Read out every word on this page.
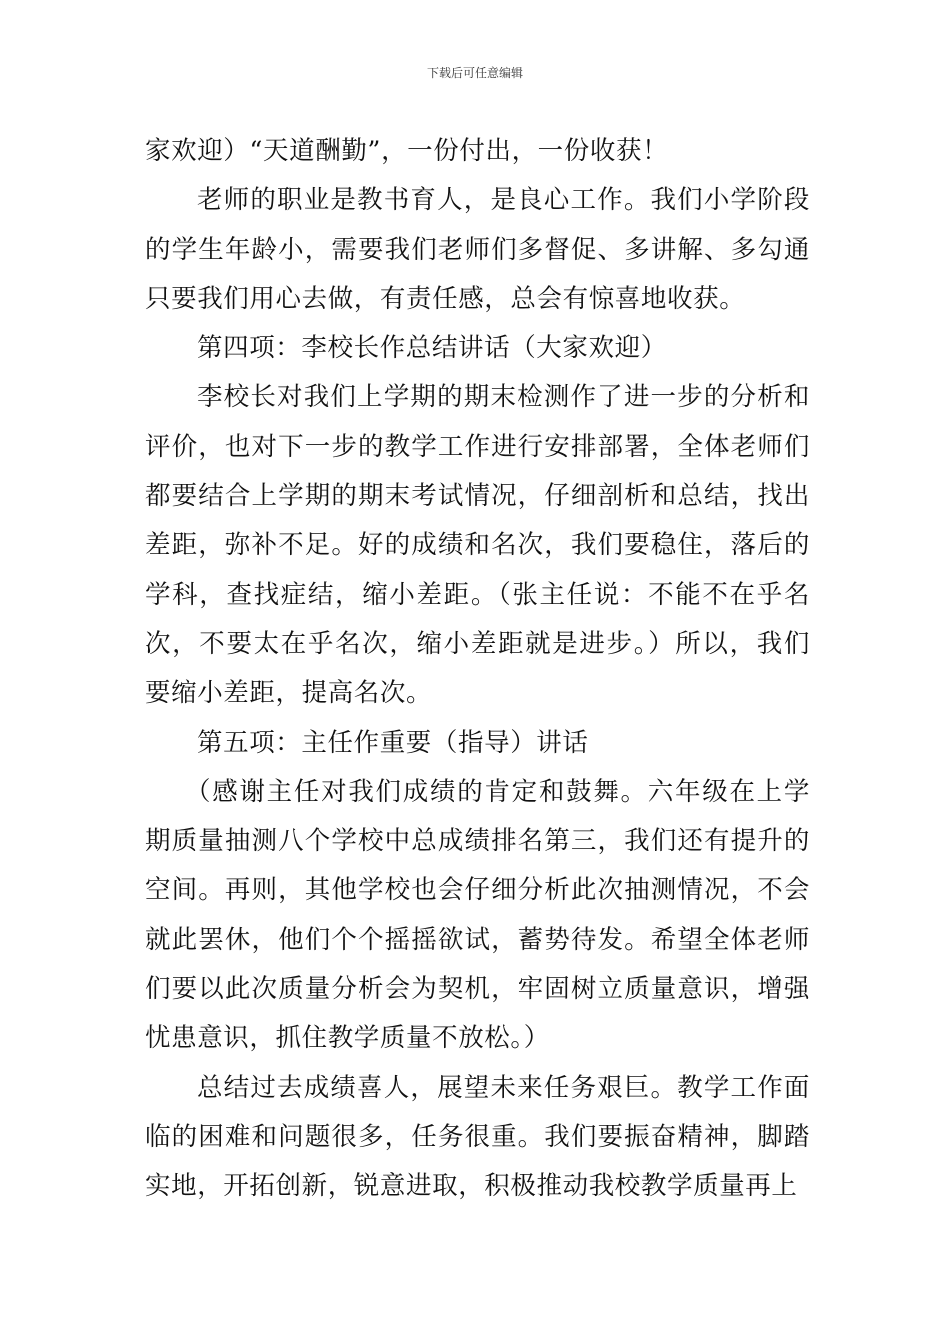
下载后可任意编辑

家欢迎）“天道酬勤”，一份付出，一份收获！

老师的职业是教书育人，是良心工作。我们小学阶段的学生年龄小，需要我们老师们多督促、多讲解、多勾通只要我们用心去做，有责任感，总会有惊喜地收获。

第四项：李校长作总结讲话（大家欢迎）

李校长对我们上学期的期末检测作了进一步的分析和评价，也对下一步的教学工作进行安排部署，全体老师们都要结合上学期的期末考试情况，仔细剖析和总结，找出差距，弥补不足。好的成绩和名次，我们要稳住，落后的学科，查找症结，缩小差距。（张主任说：不能不在乎名次，不要太在乎名次，缩小差距就是进步。）所以，我们要缩小差距，提高名次。

第五项：主任作重要（指导）讲话

（感谢主任对我们成绩的肯定和鼓舞。六年级在上学期质量抽测八个学校中总成绩排名第三，我们还有提升的空间。再则，其他学校也会仔细分析此次抽测情况，不会就此罢休，他们个个摇摇欲试，蓄势待发。希望全体老师们要以此次质量分析会为契机，牢固树立质量意识，增强忧患意识，抓住教学质量不放松。）

总结过去成绩喜人，展望未来任务艰巨。教学工作面临的困难和问题很多，任务很重。我们要振奋精神，脚踏实地，开拓创新，锐意进取，积极推动我校教学质量再上
